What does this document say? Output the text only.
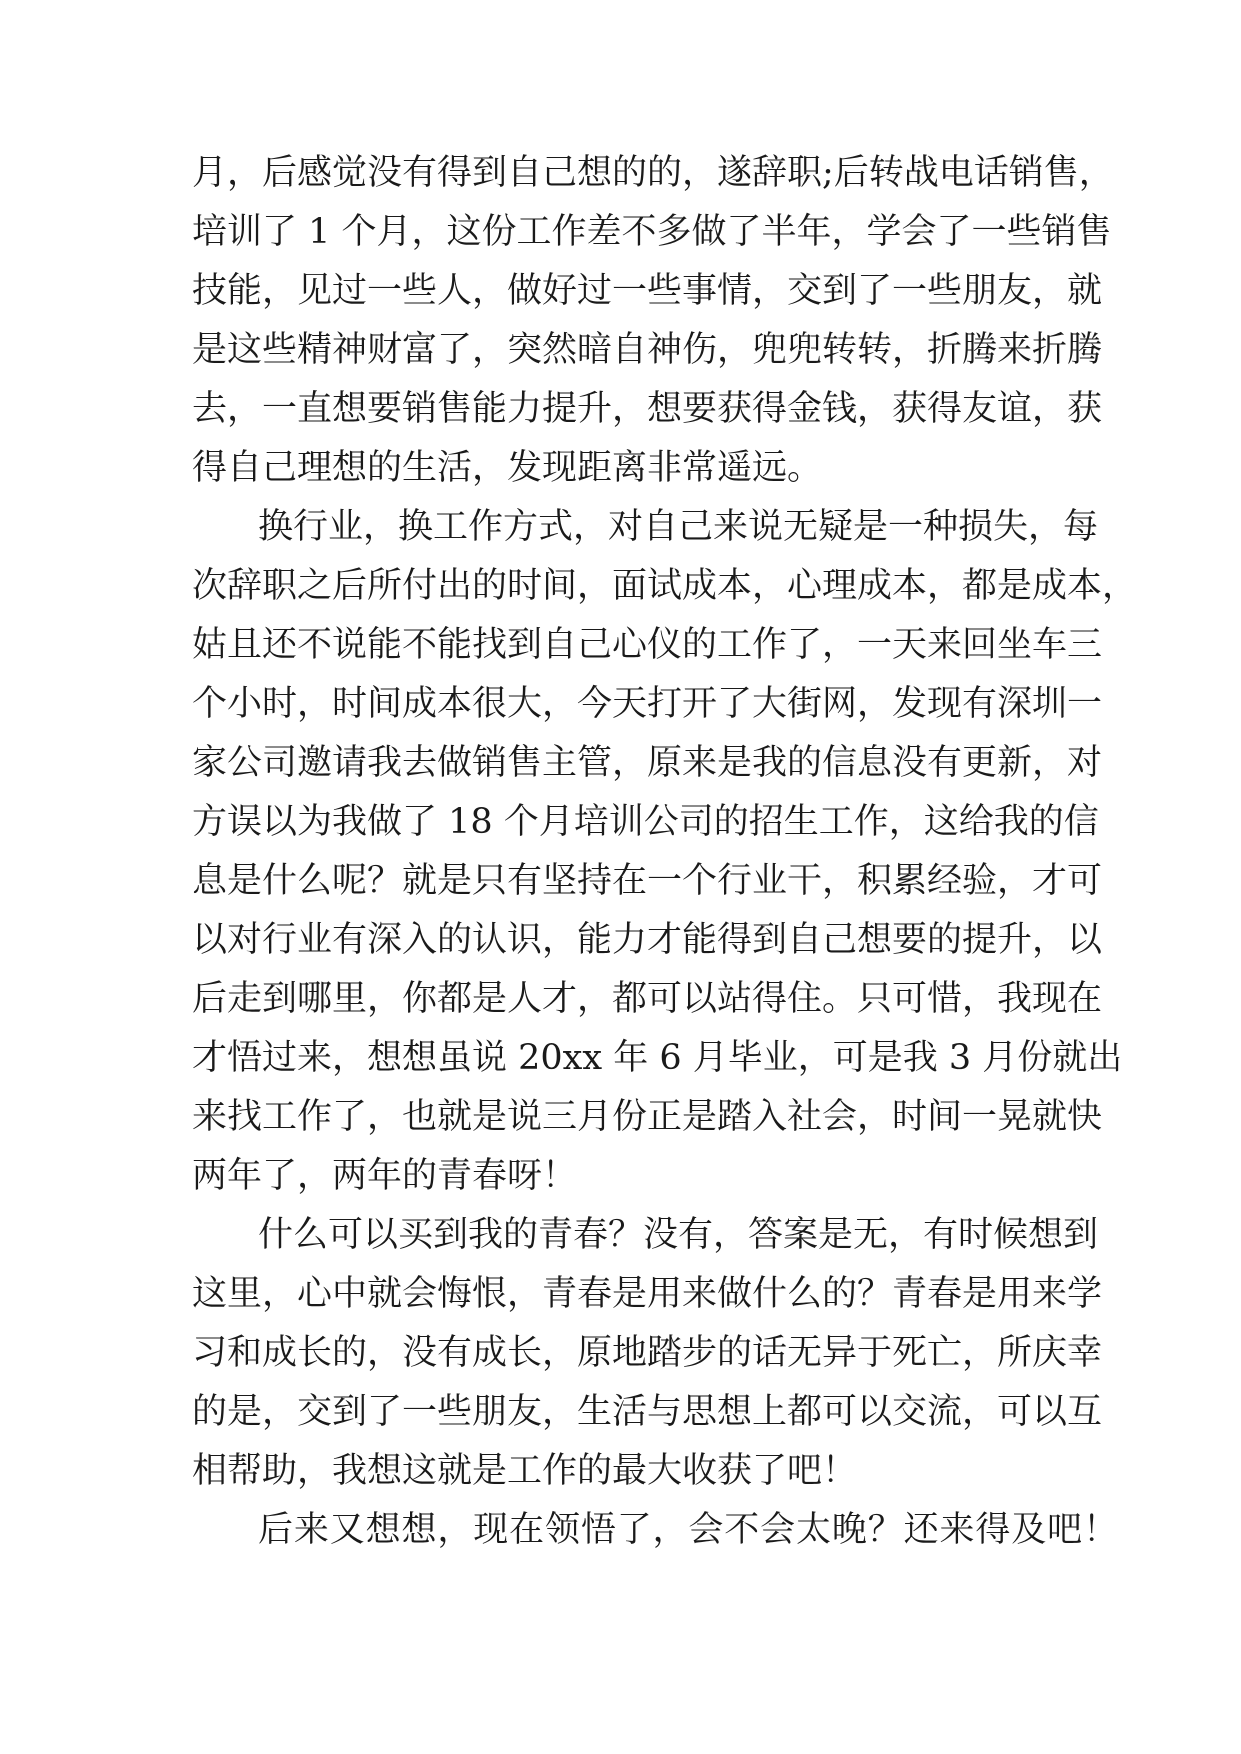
月，后感觉没有得到自己想的的，遂辞职;后转战电话销售，
培训了 1 个月，这份工作差不多做了半年，学会了一些销售
技能，见过一些人，做好过一些事情，交到了一些朋友，就
是这些精神财富了，突然暗自神伤，兜兜转转，折腾来折腾
去，一直想要销售能力提升，想要获得金钱，获得友谊，获
得自己理想的生活，发现距离非常遥远。
换行业，换工作方式，对自己来说无疑是一种损失，每
次辞职之后所付出的时间，面试成本，心理成本，都是成本，
姑且还不说能不能找到自己心仪的工作了，一天来回坐车三
个小时，时间成本很大，今天打开了大街网，发现有深圳一
家公司邀请我去做销售主管，原来是我的信息没有更新，对
方误以为我做了 18 个月培训公司的招生工作，这给我的信
息是什么呢？就是只有坚持在一个行业干，积累经验，才可
以对行业有深入的认识，能力才能得到自己想要的提升，以
后走到哪里，你都是人才，都可以站得住。只可惜，我现在
才悟过来，想想虽说 20xx 年 6 月毕业，可是我 3 月份就出
来找工作了，也就是说三月份正是踏入社会，时间一晃就快
两年了，两年的青春呀！
什么可以买到我的青春？没有，答案是无，有时候想到
这里，心中就会悔恨，青春是用来做什么的？青春是用来学
习和成长的，没有成长，原地踏步的话无异于死亡，所庆幸
的是，交到了一些朋友，生活与思想上都可以交流，可以互
相帮助，我想这就是工作的最大收获了吧！
后来又想想，现在领悟了，会不会太晚？还来得及吧！
